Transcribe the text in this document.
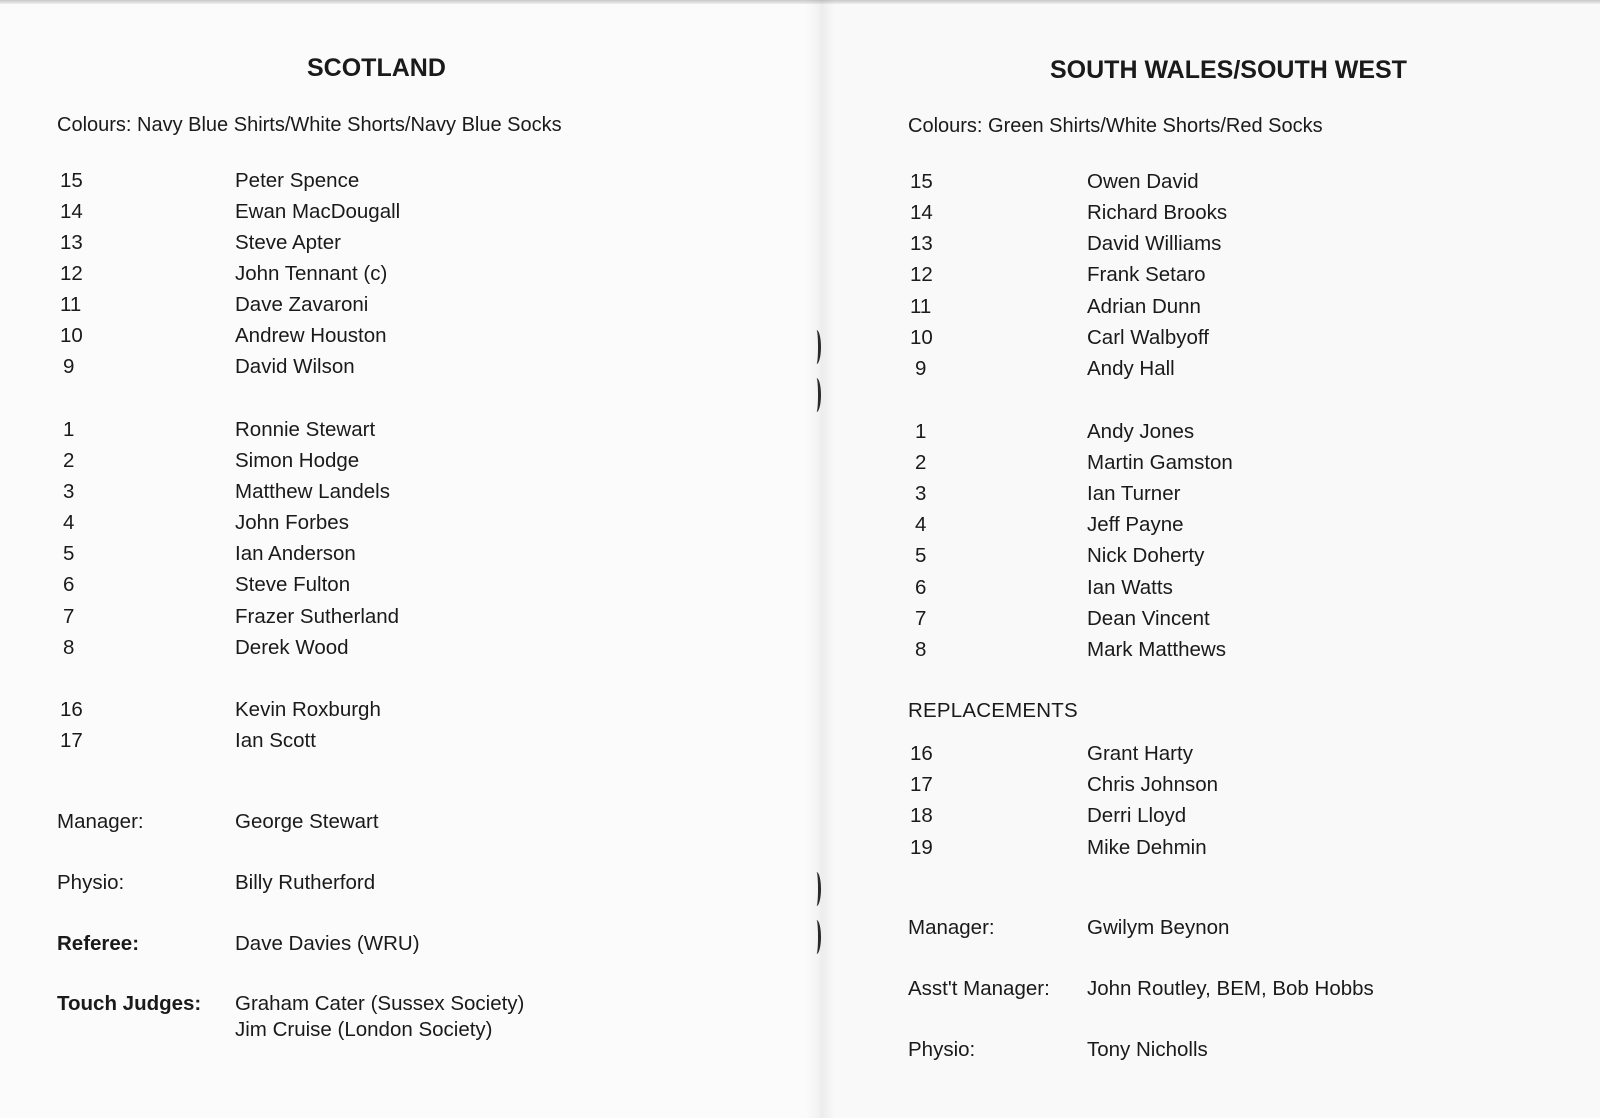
SCOTLAND
Colours: Navy Blue Shirts/White Shorts/Navy Blue Socks
15	Peter Spence
14	Ewan MacDougall
13	Steve Apter
12	John Tennant (c)
11	Dave Zavaroni
10	Andrew Houston
9	David Wilson
1	Ronnie Stewart
2	Simon Hodge
3	Matthew Landels
4	John Forbes
5	Ian Anderson
6	Steve Fulton
7	Frazer Sutherland
8	Derek Wood
16	Kevin Roxburgh
17	Ian Scott
Manager:	George Stewart
Physio:	Billy Rutherford
Referee:	Dave Davies (WRU)
Touch Judges: Graham Cater (Sussex Society)
Jim Cruise (London Society)
SOUTH WALES/SOUTH WEST
Colours: Green Shirts/White Shorts/Red Socks
15	Owen David
14	Richard Brooks
13	David Williams
12	Frank Setaro
11	Adrian Dunn
10	Carl Walbyoff
9	Andy Hall
1	Andy Jones
2	Martin Gamston
3	Ian Turner
4	Jeff Payne
5	Nick Doherty
6	Ian Watts
7	Dean Vincent
8	Mark Matthews
REPLACEMENTS
16	Grant Harty
17	Chris Johnson
18	Derri Lloyd
19	Mike Dehmin
Manager:	Gwilym Beynon
Asst't Manager: John Routley, BEM, Bob Hobbs
Physio:	Tony Nicholls
